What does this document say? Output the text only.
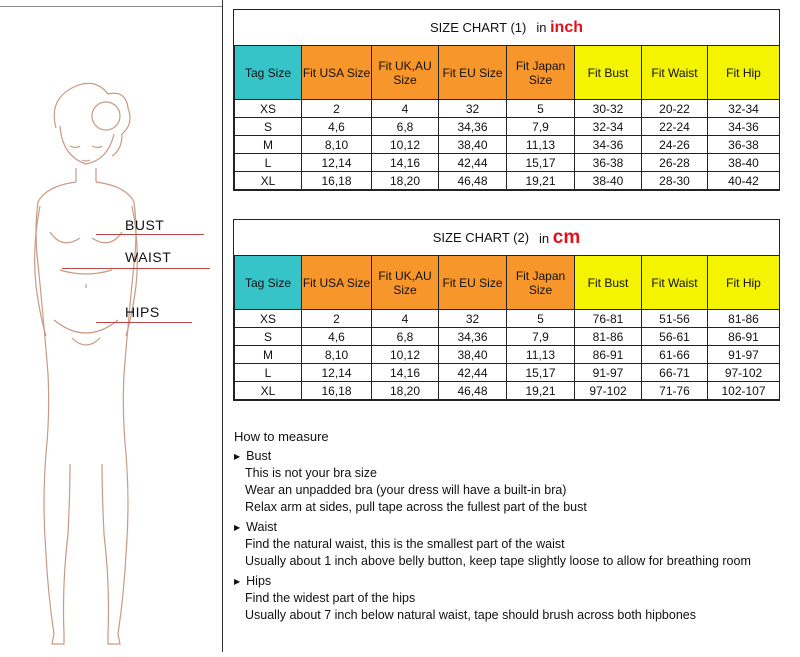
BUST
WAIST
HIPS
SIZE CHART (1) in inch
Tag Size	Fit USA Size	Fit UK,AU Size	Fit EU Size	Fit Japan Size	Fit Bust	Fit Waist	Fit Hip
XS	2	4	32	5	30-32	20-22	32-34
S	4,6	6,8	34,36	7,9	32-34	22-24	34-36
M	8,10	10,12	38,40	11,13	34-36	24-26	36-38
L	12,14	14,16	42,44	15,17	36-38	26-28	38-40
XL	16,18	18,20	46,48	19,21	38-40	28-30	40-42
SIZE CHART (2) in cm
Tag Size	Fit USA Size	Fit UK,AU Size	Fit EU Size	Fit Japan Size	Fit Bust	Fit Waist	Fit Hip
XS	2	4	32	5	76-81	51-56	81-86
S	4,6	6,8	34,36	7,9	81-86	56-61	86-91
M	8,10	10,12	38,40	11,13	86-91	61-66	91-97
L	12,14	14,16	42,44	15,17	91-97	66-71	97-102
XL	16,18	18,20	46,48	19,21	97-102	71-76	102-107
How to measure
▶ Bust
This is not your bra size
Wear an unpadded bra (your dress will have a built-in bra)
Relax arm at sides, pull tape across the fullest part of the bust
▶ Waist
Find the natural waist, this is the smallest part of the waist
Usually about 1 inch above belly button, keep tape slightly loose to allow for breathing room
▶ Hips
Find the widest part of the hips
Usually about 7 inch below natural waist, tape should brush across both hipbones
